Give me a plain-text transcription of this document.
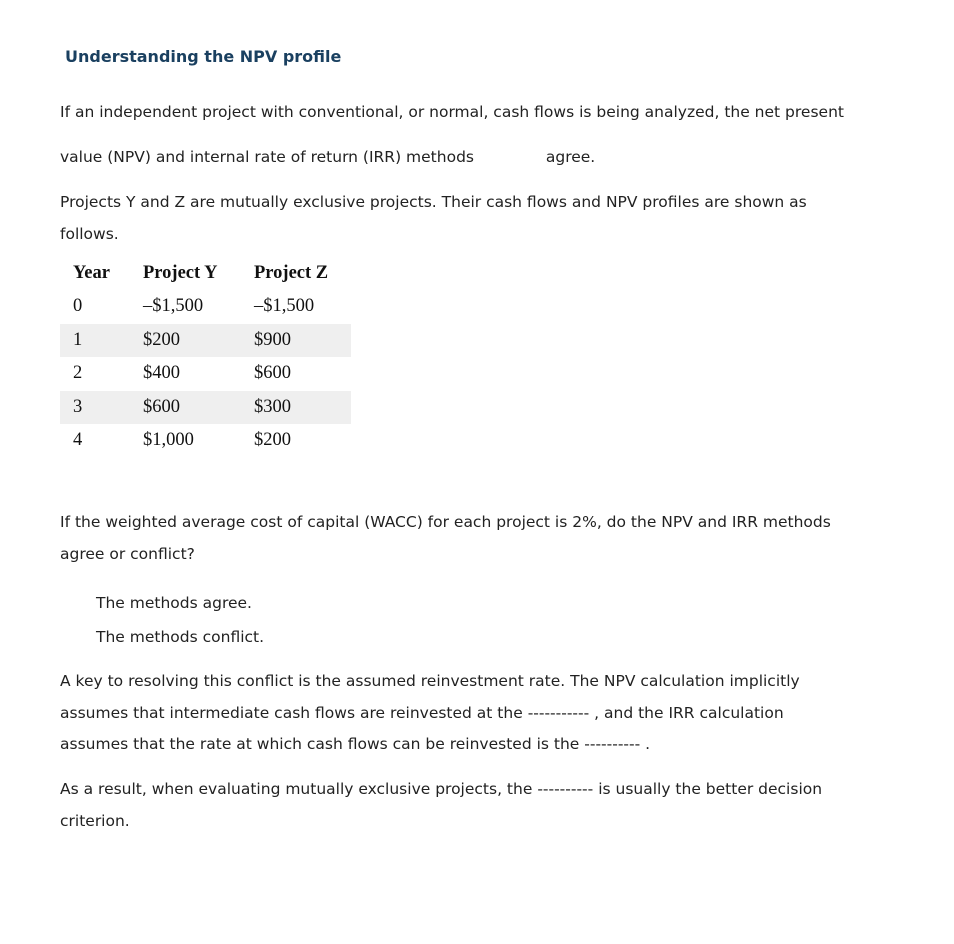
Understanding the NPV profile
If an independent project with conventional, or normal, cash flows is being analyzed, the net present
value (NPV) and internal rate of return (IRR) methods	agree.
Projects Y and Z are mutually exclusive projects. Their cash flows and NPV profiles are shown as
follows.
Year	Project Y	Project Z
0	–$1,500	–$1,500
1	$200	$900
2	$400	$600
3	$600	$300
4	$1,000	$200
If the weighted average cost of capital (WACC) for each project is 2%, do the NPV and IRR methods
agree or conflict?
The methods agree.
The methods conflict.
A key to resolving this conflict is the assumed reinvestment rate. The NPV calculation implicitly
assumes that intermediate cash flows are reinvested at the ----------- , and the IRR calculation
assumes that the rate at which cash flows can be reinvested is the ---------- .
As a result, when evaluating mutually exclusive projects, the ---------- is usually the better decision
criterion.
